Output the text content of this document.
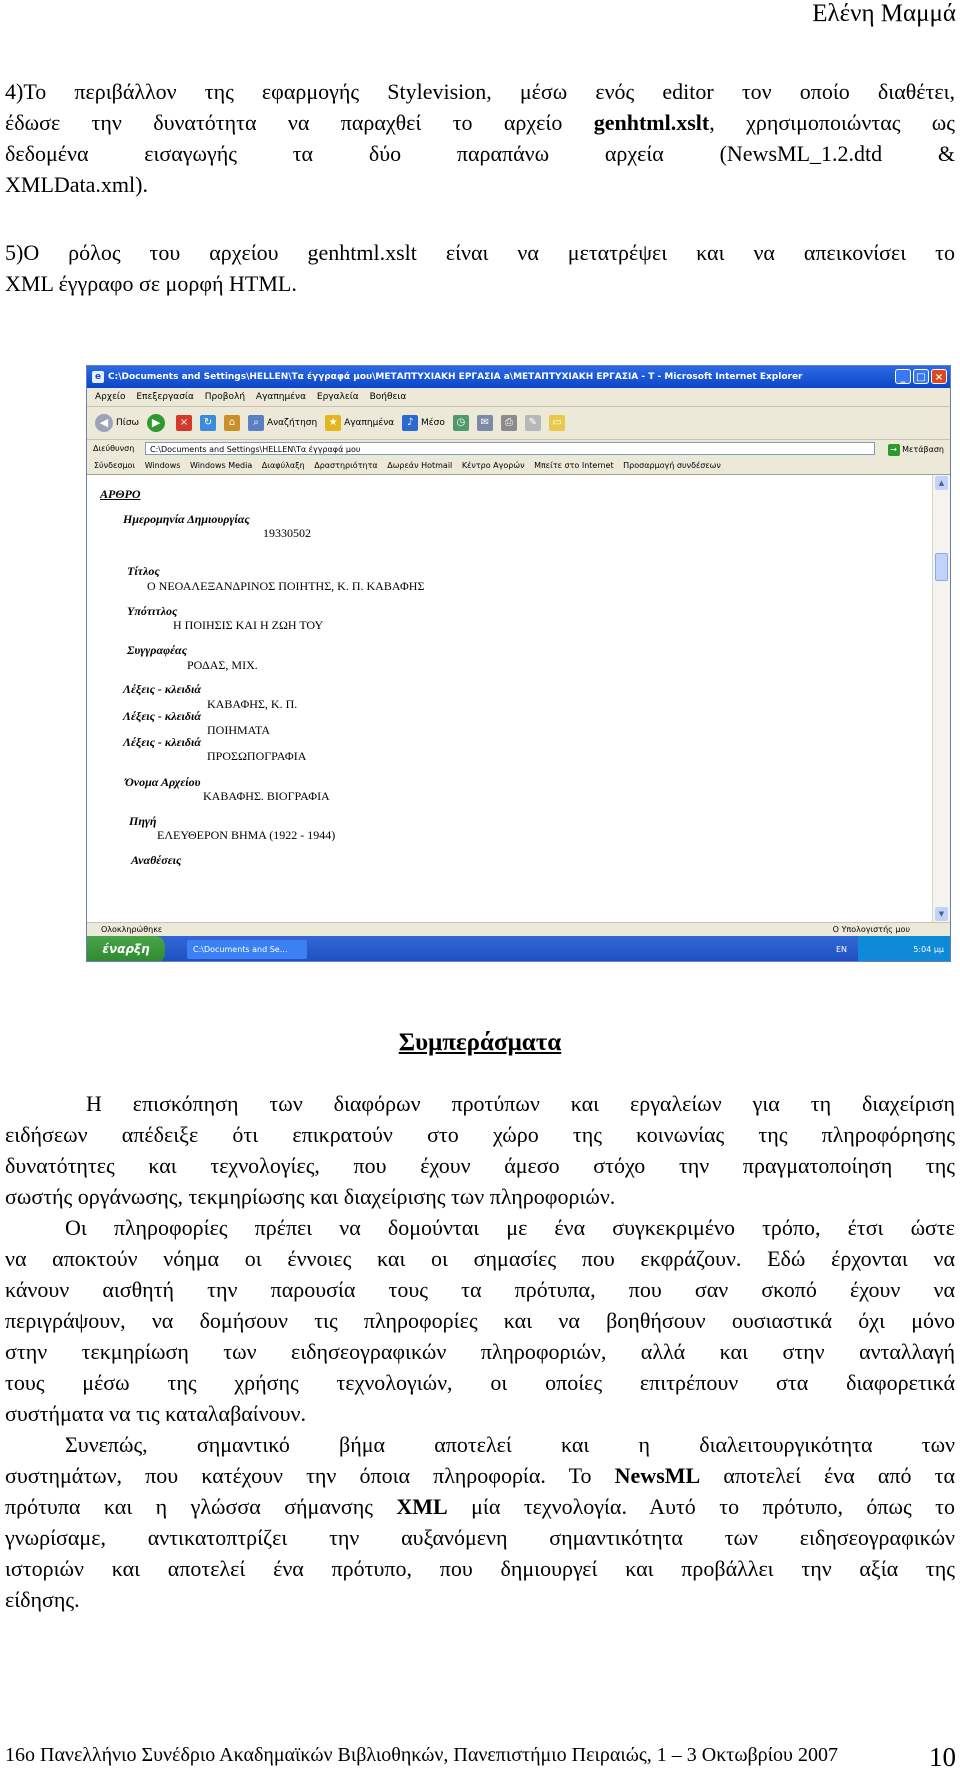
Ελένη Μαμμά
4)Το περιβάλλον της εφαρμογής Stylevision, μέσω ενός editor τον οποίο διαθέτει,
έδωσε την δυνατότητα να παραχθεί το αρχείο genhtml.xslt, χρησιμοποιώντας ως
δεδομένα εισαγωγής τα δύο παραπάνω αρχεία (NewsML_1.2.dtd &
XMLData.xml).
5)Ο ρόλος του αρχείου genhtml.xslt είναι να μετατρέψει και να απεικονίσει το
XML έγγραφο σε μορφή HTML.
e C:\Documents and Settings\HELLEN\Τα έγγραφά μου\ΜΕΤΑΠΤΥΧΙΑΚΗ ΕΡΓΑΣΙΑ a\ΜΕΤΑΠΤΥΧΙΑΚΗ ΕΡΓΑΣΙΑ - T - Microsoft Internet Explorer	_	□ ×
Αρχείο Επεξεργασία Προβολή Αγαπημένα Εργαλεία Βοήθεια
◀ Πίσω	▶	×	↻	⌂	⌕
Αναζήτηση	★
Αγαπημένα	♪
Μέσο	◷	✉	⎙	✎	▭
Διεύθυνση	C:\Documents and Settings\HELLEN\Τα έγγραφά μου	→ Μετάβαση
Σύνδεσμοι Windows Windows Media Διαφύλαξη Δραστηριότητα Δωρεάν Hotmail Κέντρο Αγορών Μπείτε στο Internet Προσαρμογή συνδέσεων
ΑΡΘΡΟ
Ημερομηνία Δημιουργίας
19330502
Τίτλος
Ο ΝΕΟΑΛΕΞΑΝΔΡΙΝΟΣ ΠΟΙΗΤΗΣ, Κ. Π. ΚΑΒΑΦΗΣ
Υπότιτλος
Η ΠΟΙΗΣΙΣ ΚΑΙ Η ΖΩΗ ΤΟΥ
Συγγραφέας
ΡΟΔΑΣ, ΜΙΧ.
Λέξεις - κλειδιά
ΚΑΒΑΦΗΣ, Κ. Π.
Λέξεις - κλειδιά
ΠΟΙΗΜΑΤΑ
Λέξεις - κλειδιά
ΠΡΟΣΩΠΟΓΡΑΦΙΑ
Όνομα Αρχείου
ΚΑΒΑΦΗΣ. ΒΙΟΓΡΑΦΙΑ
Πηγή
ΕΛΕΥΘΕΡΟΝ ΒΗΜΑ (1922 - 1944)
Αναθέσεις
▲
▼
Ολοκληρώθηκε	Ο Υπολογιστής μου
έναρξη	C:\Documents and Se...	EN	5:04 μμ
Συμπεράσματα
Η επισκόπηση των διαφόρων προτύπων και εργαλείων για τη διαχείριση
ειδήσεων απέδειξε ότι επικρατούν στο χώρο της κοινωνίας της πληροφόρησης
δυνατότητες και τεχνολογίες, που έχουν άμεσο στόχο την πραγματοποίηση της
σωστής οργάνωσης, τεκμηρίωσης και διαχείρισης των πληροφοριών.
Οι πληροφορίες πρέπει να δομούνται με ένα συγκεκριμένο τρόπο, έτσι ώστε
να αποκτούν νόημα οι έννοιες και οι σημασίες που εκφράζουν. Εδώ έρχονται να
κάνουν αισθητή την παρουσία τους τα πρότυπα, που σαν σκοπό έχουν να
περιγράψουν, να δομήσουν τις πληροφορίες και να βοηθήσουν ουσιαστικά όχι μόνο
στην τεκμηρίωση των ειδησεογραφικών πληροφοριών, αλλά και στην ανταλλαγή
τους μέσω της χρήσης τεχνολογιών, οι οποίες επιτρέπουν στα διαφορετικά
συστήματα να τις καταλαβαίνουν.
Συνεπώς, σημαντικό βήμα αποτελεί και η διαλειτουργικότητα των
συστημάτων, που κατέχουν την όποια πληροφορία. Το NewsML αποτελεί ένα από τα
πρότυπα και η γλώσσα σήμανσης XML μία τεχνολογία. Αυτό το πρότυπο, όπως το
γνωρίσαμε, αντικατοπτρίζει την αυξανόμενη σημαντικότητα των ειδησεογραφικών
ιστοριών και αποτελεί ένα πρότυπο, που δημιουργεί και προβάλλει την αξία της
είδησης.
16ο Πανελλήνιο Συνέδριο Ακαδημαϊκών Βιβλιοθηκών, Πανεπιστήμιο Πειραιώς, 1 – 3 Οκτωβρίου 2007	10
